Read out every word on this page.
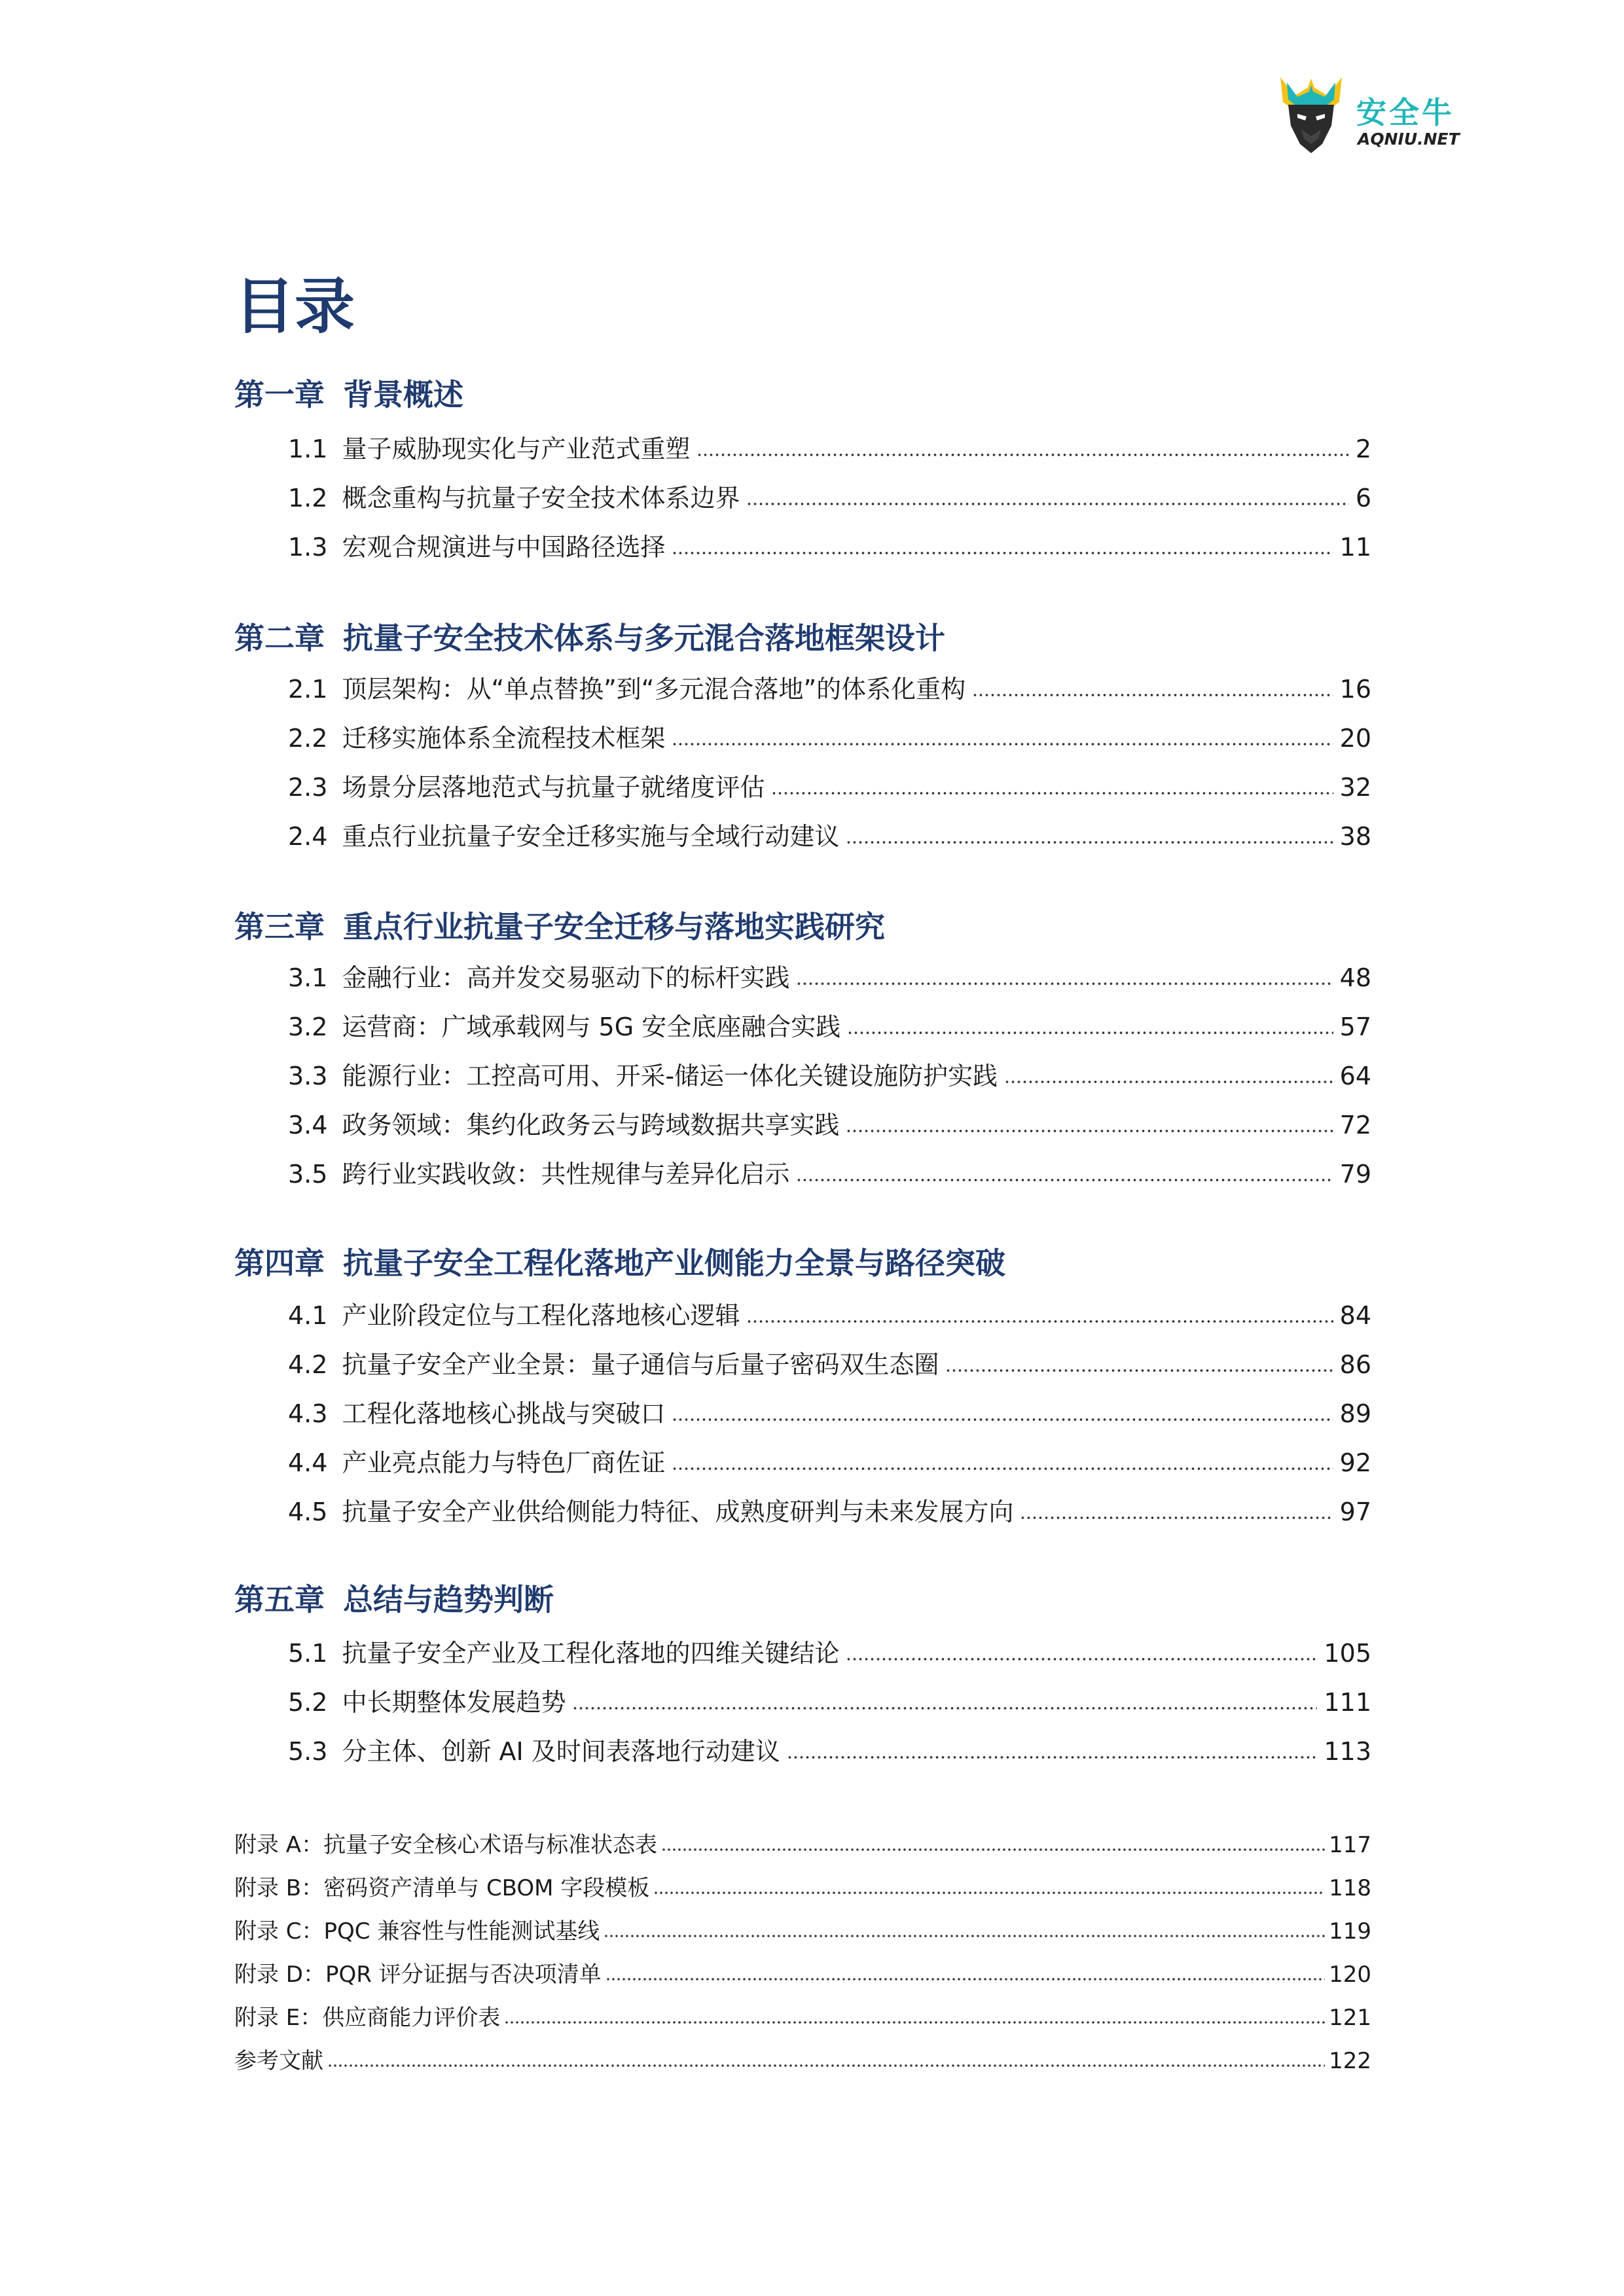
安全牛
AQNIU.NET
目录
第一章 背景概述
1.1 量子威胁现实化与产业范式重塑	2
1.2 概念重构与抗量子安全技术体系边界	6
1.3 宏观合规演进与中国路径选择	11
第二章 抗量子安全技术体系与多元混合落地框架设计
2.1 顶层架构：从“单点替换”到“多元混合落地”的体系化重构	16
2.2 迁移实施体系全流程技术框架	20
2.3 场景分层落地范式与抗量子就绪度评估	32
2.4 重点行业抗量子安全迁移实施与全域行动建议	38
第三章 重点行业抗量子安全迁移与落地实践研究
3.1 金融行业：高并发交易驱动下的标杆实践	48
3.2 运营商：广域承载网与 5G 安全底座融合实践	57
3.3 能源行业：工控高可用、开采-储运一体化关键设施防护实践	64
3.4 政务领域：集约化政务云与跨域数据共享实践	72
3.5 跨行业实践收敛：共性规律与差异化启示	79
第四章 抗量子安全工程化落地产业侧能力全景与路径突破
4.1 产业阶段定位与工程化落地核心逻辑	84
4.2 抗量子安全产业全景：量子通信与后量子密码双生态圈	86
4.3 工程化落地核心挑战与突破口	89
4.4 产业亮点能力与特色厂商佐证	92
4.5 抗量子安全产业供给侧能力特征、成熟度研判与未来发展方向	97
第五章 总结与趋势判断
5.1 抗量子安全产业及工程化落地的四维关键结论	105
5.2 中长期整体发展趋势	111
5.3 分主体、创新 AI 及时间表落地行动建议	113
附录 A：抗量子安全核心术语与标准状态表	117
附录 B：密码资产清单与 CBOM 字段模板	118
附录 C：PQC 兼容性与性能测试基线	119
附录 D：PQR 评分证据与否决项清单	120
附录 E：供应商能力评价表	121
参考文献	122
